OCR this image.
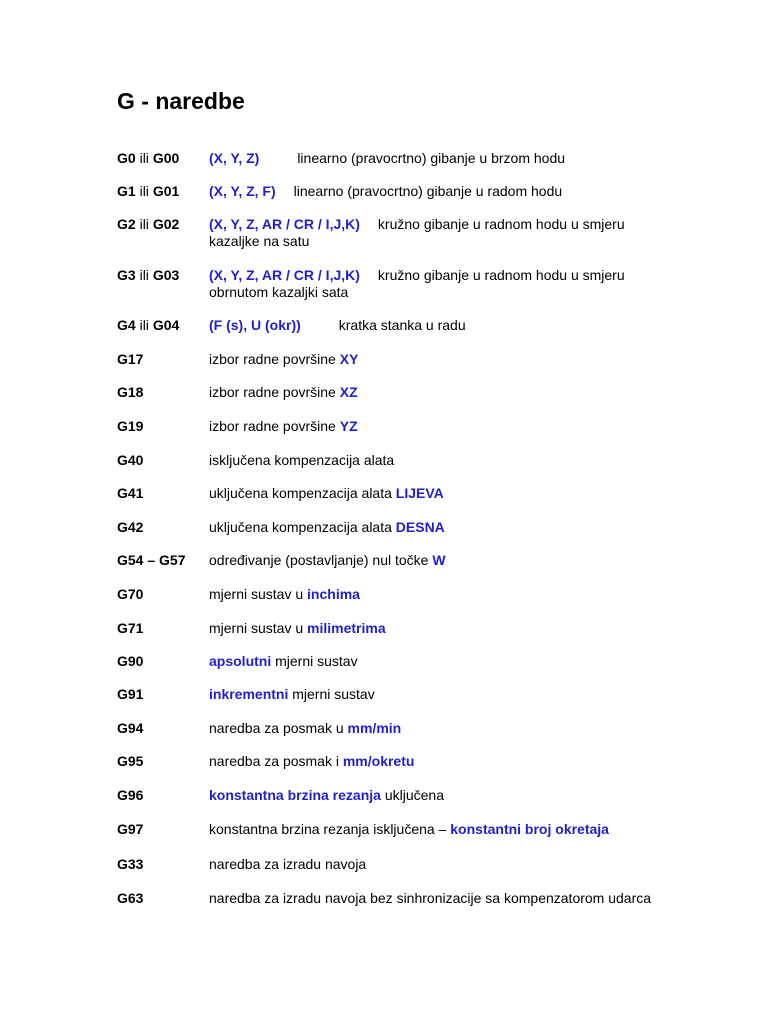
G - naredbe
G0 ili G00 (X, Y, Z)	linearno (pravocrtno) gibanje u brzom hodu
G1 ili G01 (X, Y, Z, F) linearno (pravocrtno) gibanje u radom hodu
G2 ili G02 (X, Y, Z, AR / CR / I,J,K) kružno gibanje u radnom hodu u smjeru kazaljke na satu
G3 ili G03 (X, Y, Z, AR / CR / I,J,K) kružno gibanje u radnom hodu u smjeru obrnutom kazaljki sata
G4 ili G04 (F (s), U (okr))	kratka stanka u radu
G17	izbor radne površine XY
G18	izbor radne površine XZ
G19	izbor radne površine YZ
G40	isključena kompenzacija alata
G41	uključena kompenzacija alata LIJEVA
G42	uključena kompenzacija alata DESNA
G54 – G57 određivanje (postavljanje) nul točke W
G70	mjerni sustav u inchima
G71	mjerni sustav u milimetrima
G90	apsolutni mjerni sustav
G91	inkrementni mjerni sustav
G94	naredba za posmak u mm/min
G95	naredba za posmak i mm/okretu
G96	konstantna brzina rezanja uključena
G97	konstantna brzina rezanja isključena – konstantni broj okretaja
G33	naredba za izradu navoja
G63	naredba za izradu navoja bez sinhronizacije sa kompenzatorom udarca
